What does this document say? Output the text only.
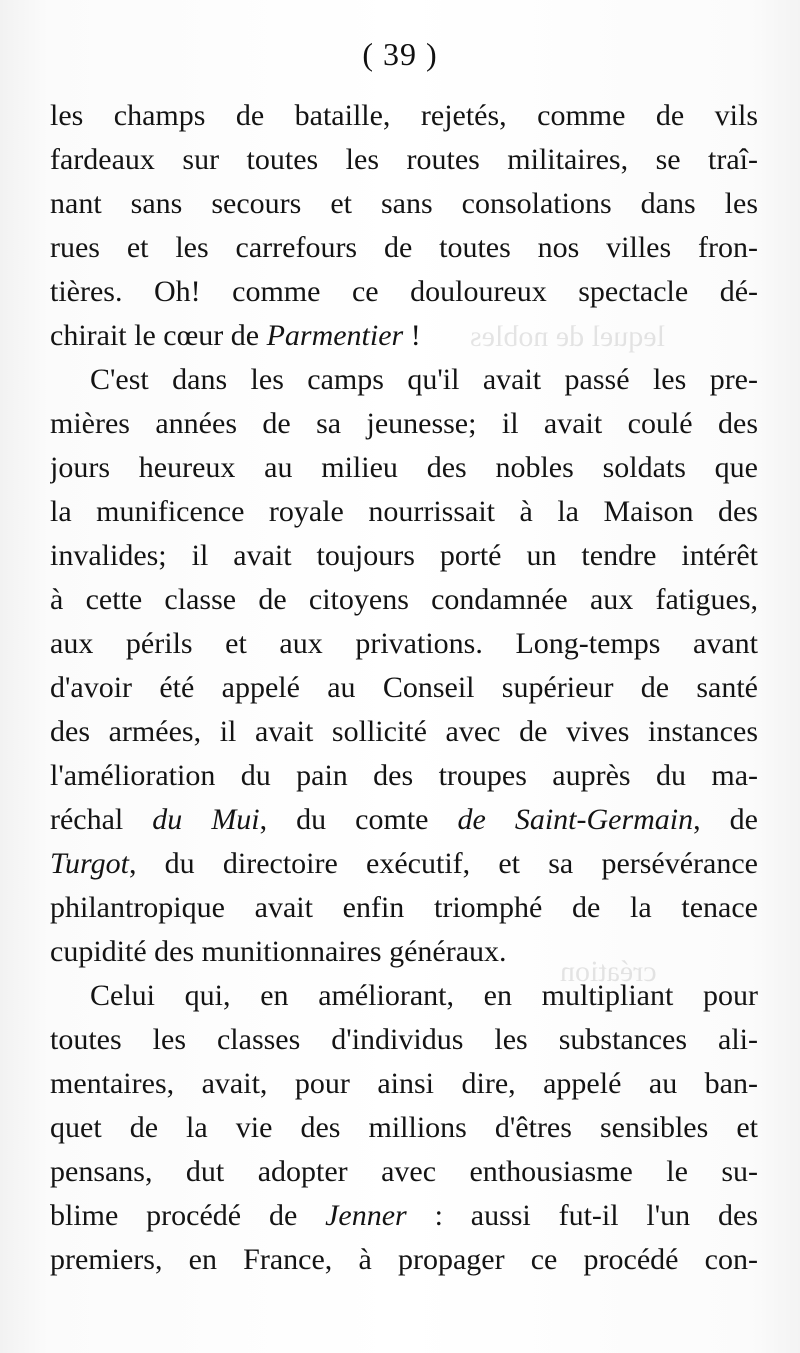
lequel de nobles
création
( 39 )
les champs de bataille, rejetés, comme de vils
fardeaux sur toutes les routes militaires, se traî-
nant sans secours et sans consolations dans les
rues et les carrefours de toutes nos villes fron-
tières. Oh! comme ce douloureux spectacle dé-
chirait le cœur de Parmentier !
C'est dans les camps qu'il avait passé les pre-
mières années de sa jeunesse; il avait coulé des
jours heureux au milieu des nobles soldats que
la munificence royale nourrissait à la Maison des
invalides; il avait toujours porté un tendre intérêt
à cette classe de citoyens condamnée aux fatigues,
aux périls et aux privations. Long-temps avant
d'avoir été appelé au Conseil supérieur de santé
des armées, il avait sollicité avec de vives instances
l'amélioration du pain des troupes auprès du ma-
réchal du Mui, du comte de Saint-Germain, de
Turgot, du directoire exécutif, et sa persévérance
philantropique avait enfin triomphé de la tenace
cupidité des munitionnaires généraux.
Celui qui, en améliorant, en multipliant pour
toutes les classes d'individus les substances ali-
mentaires, avait, pour ainsi dire, appelé au ban-
quet de la vie des millions d'êtres sensibles et
pensans, dut adopter avec enthousiasme le su-
blime procédé de Jenner : aussi fut-il l'un des
premiers, en France, à propager ce procédé con-
